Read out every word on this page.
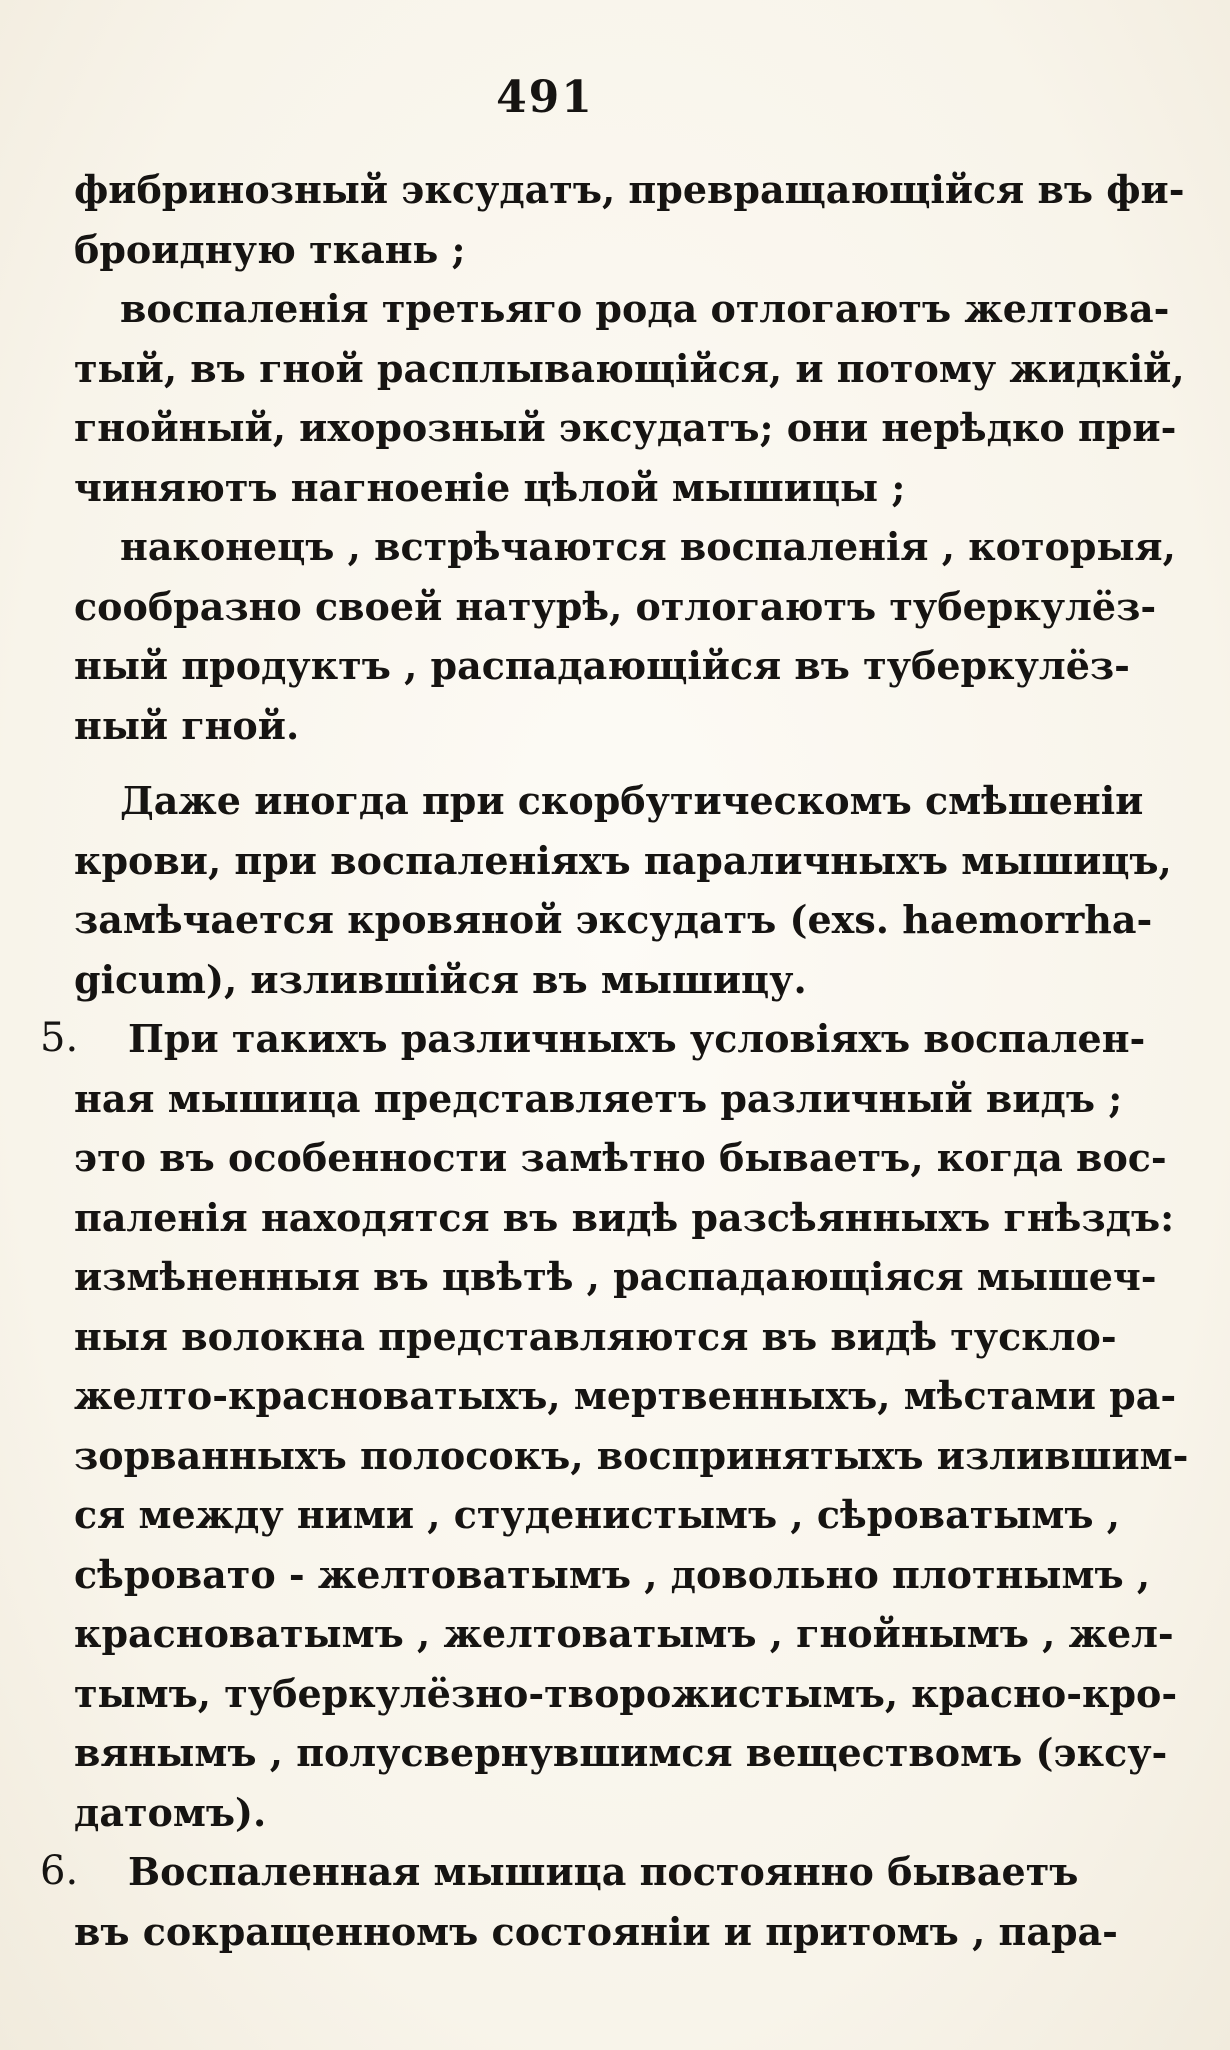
491
фибринозный эксудатъ, превращающійся въ фи-
броидную ткань ;
воспаленія третьяго рода отлогаютъ желтова-
тый, въ гной расплывающійся, и потому жидкій,
гнойный, ихорозный эксудатъ; они нерѣдко при-
чиняютъ нагноеніе цѣлой мышицы ;
наконецъ , встрѣчаются воспаленія , которыя,
сообразно своей натурѣ, отлогаютъ туберкулёз-
ный продуктъ , распадающійся въ туберкулёз-
ный гной.
Даже иногда при скорбутическомъ смѣшеніи
крови, при воспаленіяхъ параличныхъ мышицъ,
замѣчается кровяной эксудатъ (exs. haemorrha-
gicum), излившійся въ мышицу.
5. При такихъ различныхъ условіяхъ воспален-
ная мышица представляетъ различный видъ ;
это въ особенности замѣтно бываетъ, когда вос-
паленія находятся въ видѣ разсѣянныхъ гнѣздъ:
измѣненныя въ цвѣтѣ , распадающіяся мышеч-
ныя волокна представляются въ видѣ тускло-
желто-красноватыхъ, мертвенныхъ, мѣстами ра-
зорванныхъ полосокъ, воспринятыхъ излившим-
ся между ними , студенистымъ , сѣроватымъ ,
сѣровато - желтоватымъ , довольно плотнымъ ,
красноватымъ , желтоватымъ , гнойнымъ , жел-
тымъ, туберкулёзно-творожистымъ, красно-кро-
вянымъ , полусвернувшимся веществомъ (эксу-
датомъ).
6. Воспаленная мышица постоянно бываетъ
въ сокращенномъ состояніи и притомъ , пара-
